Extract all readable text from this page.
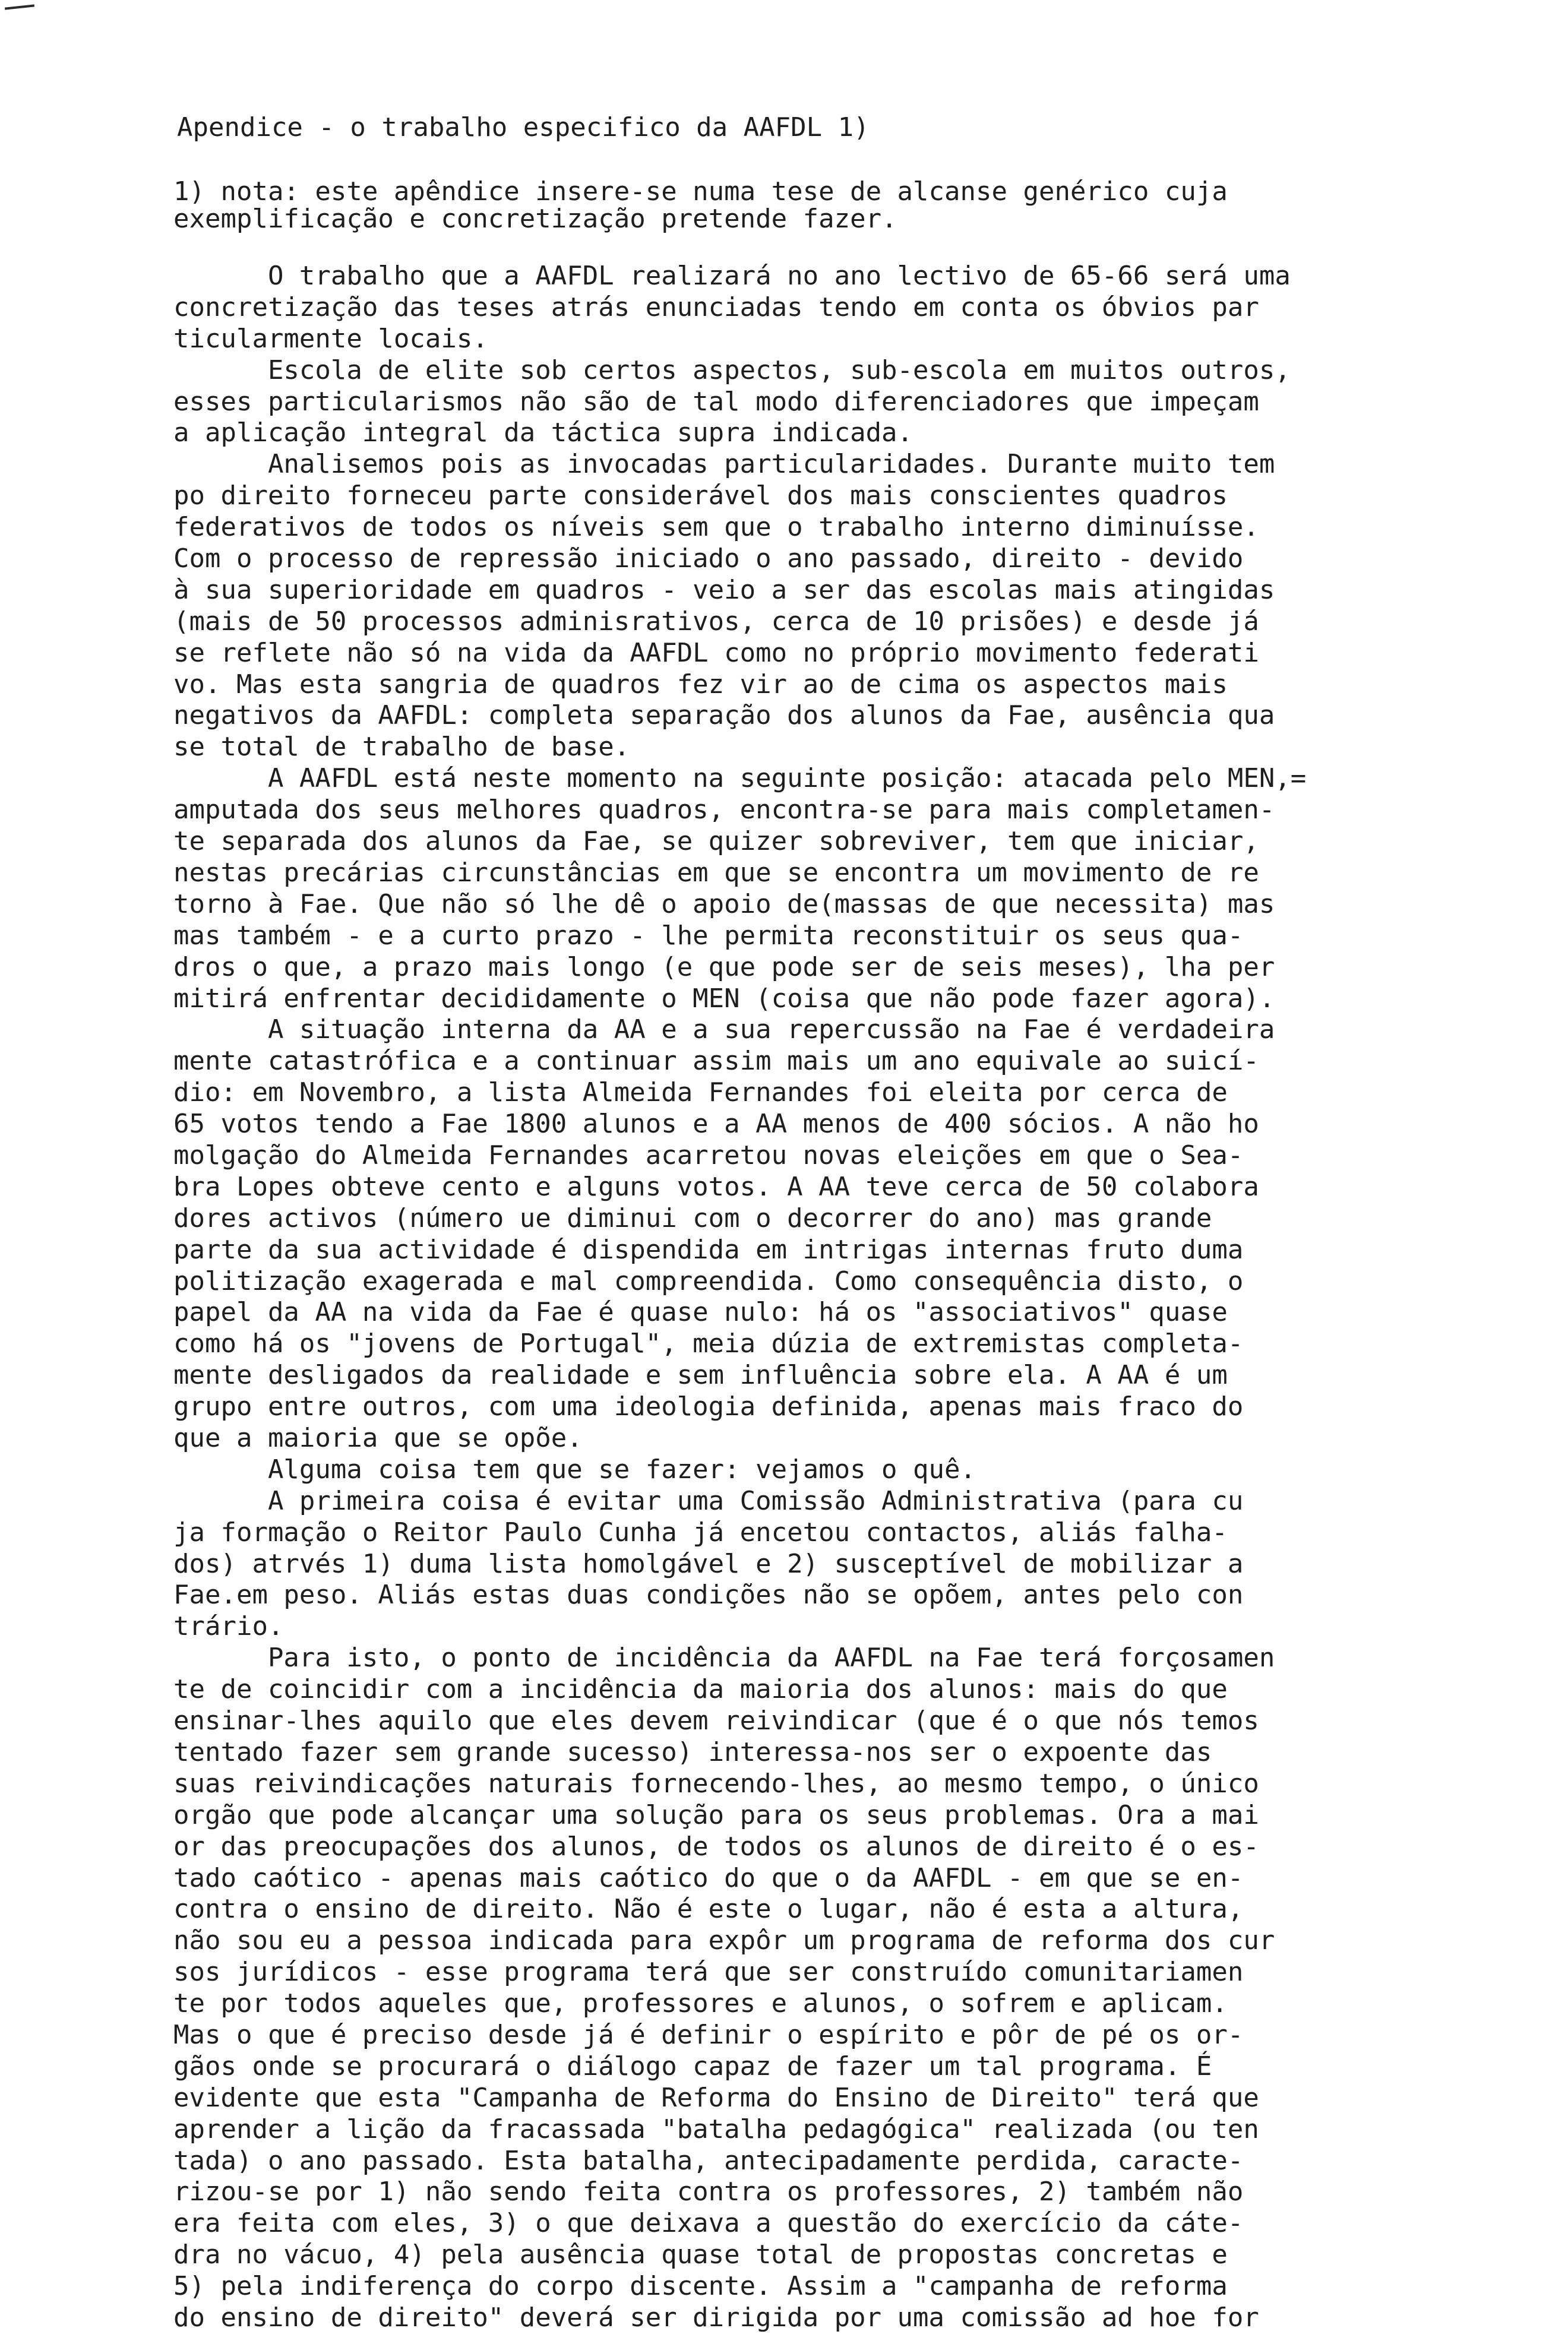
Apendice - o trabalho especifico da AAFDL 1)
1) nota: este apêndice insere-se numa tese de alcanse genérico cuja
exemplificação e concretização pretende fazer.
O trabalho que a AAFDL realizará no ano lectivo de 65-66 será uma
concretização das teses atrás enunciadas tendo em conta os óbvios par
ticularmente locais.
Escola de elite sob certos aspectos, sub-escola em muitos outros,
esses particularismos não são de tal modo diferenciadores que impeçam
a aplicação integral da táctica supra indicada.
Analisemos pois as invocadas particularidades. Durante muito tem
po direito forneceu parte considerável dos mais conscientes quadros
federativos de todos os níveis sem que o trabalho interno diminuísse.
Com o processo de repressão iniciado o ano passado, direito - devido
à sua superioridade em quadros - veio a ser das escolas mais atingidas
(mais de 50 processos adminisrativos, cerca de 10 prisões) e desde já
se reflete não só na vida da AAFDL como no próprio movimento federati
vo. Mas esta sangria de quadros fez vir ao de cima os aspectos mais
negativos da AAFDL: completa separação dos alunos da Fae, ausência qua
se total de trabalho de base.
A AAFDL está neste momento na seguinte posição: atacada pelo MEN,=
amputada dos seus melhores quadros, encontra-se para mais completamen-
te separada dos alunos da Fae, se quizer sobreviver, tem que iniciar,
nestas precárias circunstâncias em que se encontra um movimento de re
torno à Fae. Que não só lhe dê o apoio de(massas de que necessita) mas
mas também - e a curto prazo - lhe permita reconstituir os seus qua-
dros o que, a prazo mais longo (e que pode ser de seis meses), lha per
mitirá enfrentar decididamente o MEN (coisa que não pode fazer agora).
A situação interna da AA e a sua repercussão na Fae é verdadeira
mente catastrófica e a continuar assim mais um ano equivale ao suicí-
dio: em Novembro, a lista Almeida Fernandes foi eleita por cerca de
65 votos tendo a Fae 1800 alunos e a AA menos de 400 sócios. A não ho
molgação do Almeida Fernandes acarretou novas eleições em que o Sea-
bra Lopes obteve cento e alguns votos. A AA teve cerca de 50 colabora
dores activos (número ue diminui com o decorrer do ano) mas grande
parte da sua actividade é dispendida em intrigas internas fruto duma
politização exagerada e mal compreendida. Como consequência disto, o
papel da AA na vida da Fae é quase nulo: há os "associativos" quase
como há os "jovens de Portugal", meia dúzia de extremistas completa-
mente desligados da realidade e sem influência sobre ela. A AA é um
grupo entre outros, com uma ideologia definida, apenas mais fraco do
que a maioria que se opõe.
Alguma coisa tem que se fazer: vejamos o quê.
A primeira coisa é evitar uma Comissão Administrativa (para cu
ja formação o Reitor Paulo Cunha já encetou contactos, aliás falha-
dos) atrvés 1) duma lista homolgável e 2) susceptível de mobilizar a
Fae.em peso. Aliás estas duas condições não se opõem, antes pelo con
trário.
Para isto, o ponto de incidência da AAFDL na Fae terá forçosamen
te de coincidir com a incidência da maioria dos alunos: mais do que
ensinar-lhes aquilo que eles devem reivindicar (que é o que nós temos
tentado fazer sem grande sucesso) interessa-nos ser o expoente das
suas reivindicações naturais fornecendo-lhes, ao mesmo tempo, o único
orgão que pode alcançar uma solução para os seus problemas. Ora a mai
or das preocupações dos alunos, de todos os alunos de direito é o es-
tado caótico - apenas mais caótico do que o da AAFDL - em que se en-
contra o ensino de direito. Não é este o lugar, não é esta a altura,
não sou eu a pessoa indicada para expôr um programa de reforma dos cur
sos jurídicos - esse programa terá que ser construído comunitariamen
te por todos aqueles que, professores e alunos, o sofrem e aplicam.
Mas o que é preciso desde já é definir o espírito e pôr de pé os or-
gãos onde se procurará o diálogo capaz de fazer um tal programa. É
evidente que esta "Campanha de Reforma do Ensino de Direito" terá que
aprender a lição da fracassada "batalha pedagógica" realizada (ou ten
tada) o ano passado. Esta batalha, antecipadamente perdida, caracte-
rizou-se por 1) não sendo feita contra os professores, 2) também não
era feita com eles, 3) o que deixava a questão do exercício da cáte-
dra no vácuo, 4) pela ausência quase total de propostas concretas e
5) pela indiferença do corpo discente. Assim a "campanha de reforma
do ensino de direito" deverá ser dirigida por uma comissão ad hoe for
